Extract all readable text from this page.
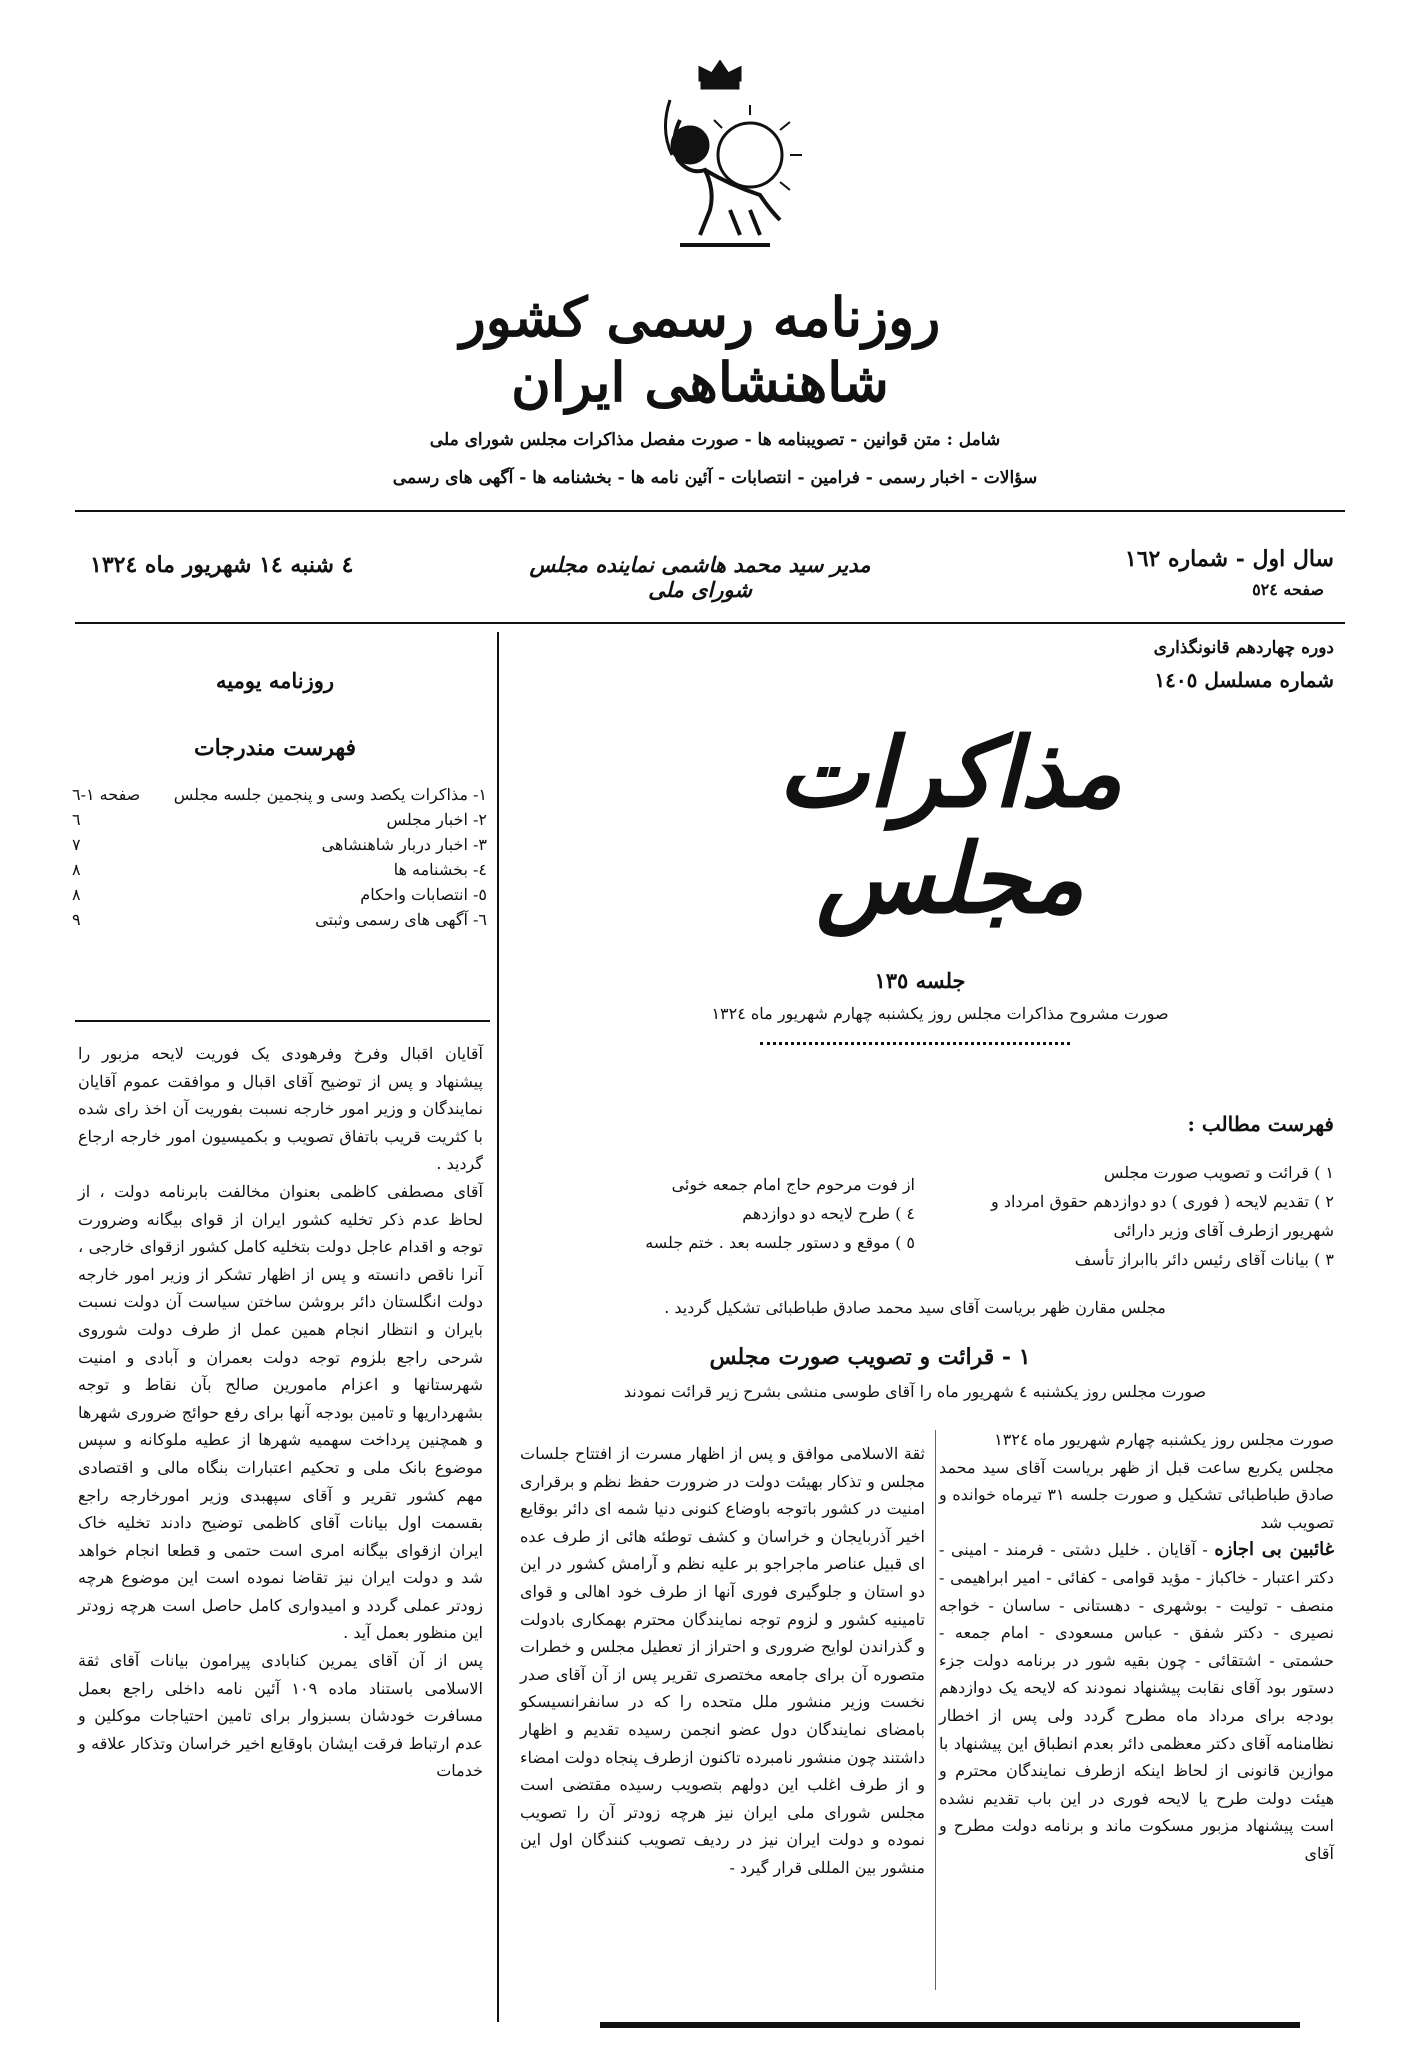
روزنامه رسمی کشور شاهنشاهی ایران
شامل : متن قوانین - تصویبنامه ها - صورت مفصل مذاکرات مجلس شورای ملی
سؤالات - اخبار رسمی - فرامین - انتصابات - آئین نامه ها - بخشنامه ها - آگهی های رسمی
٤ شنبه ١٤ شهریور ماه ١٣٢٤	مدیر سید محمد هاشمی نماینده مجلس شورای ملی
سال اول - شماره ١٦٢
صفحه ٥٢٤
دوره چهاردهم قانونگذاری
شماره مسلسل ١٤٠٥
مذاکرات مجلس
جلسه ١٣٥
صورت مشروح مذاکرات مجلس روز یکشنبه چهارم شهریور ماه ١٣٢٤
فهرست مطالب :
١ ) قرائت و تصویب صورت مجلس
٢ ) تقدیم لایحه ( فوری ) دو دوازدهم حقوق امرداد و شهریور ازطرف آقای وزیر دارائی
٣ ) بیانات آقای رئیس دائر باابراز تأسف
از فوت مرحوم حاج امام جمعه خوئی
٤ ) طرح لایحه دو دوازدهم
٥ ) موقع و دستور جلسه بعد . ختم جلسه
مجلس مقارن ظهر بریاست آقای سید محمد صادق طباطبائی تشکیل گردید .
١ - قرائت و تصویب صورت مجلس
صورت مجلس روز یکشنبه ٤ شهریور ماه را آقای طوسی منشی بشرح زیر قرائت نمودند

صورت مجلس روز یکشنبه چهارم شهریور ماه ١٣٢٤

مجلس یکربع ساعت قبل از ظهر بریاست آقای سید محمد صادق طباطبائی تشکیل و صورت جلسه ٣١ تیرماه خوانده و تصویب شد

غائبین بی اجازه - آقایان . خلیل دشتی - فرمند - امینی - دکتر اعتبار - خاکباز - مؤید قوامی - کفائی - امیر ابراهیمی - منصف - تولیت - بوشهری - دهستانی - ساسان - خواجه نصیری - دکتر شفق - عباس مسعودی - امام جمعه - حشمتی - اشتقائی - چون بقیه شور در برنامه دولت جزء دستور بود آقای نقابت پیشنهاد نمودند که لایحه یک دوازدهم بودجه برای مرداد ماه مطرح گردد ولی پس از اخطار نظامنامه آقای دکتر معظمی دائر بعدم انطباق این پیشنهاد با موازین قانونی از لحاظ اینکه ازطرف نمایندگان محترم و هیئت دولت طرح یا لایحه فوری در این باب تقدیم نشده است پیشنهاد مزبور مسکوت ماند و برنامه دولت مطرح و آقای

ثقة الاسلامی موافق و پس از اظهار مسرت از افتتاح جلسات مجلس و تذکار بهیئت دولت در ضرورت حفظ نظم و برقراری امنیت در کشور باتوجه باوضاع کنونی دنیا شمه ای دائر بوقایع اخیر آذربایجان و خراسان و کشف توطئه هائی از طرف عده ای قبیل عناصر ماجراجو بر علیه نظم و آرامش کشور در این دو استان و جلوگیری فوری آنها از طرف خود اهالی و قوای تامینیه کشور و لزوم توجه نمایندگان محترم بهمکاری بادولت و گذراندن لوایح ضروری و احتراز از تعطیل مجلس و خطرات متصوره آن برای جامعه مختصری تقریر پس از آن آقای صدر نخست وزیر منشور ملل متحده را که در سانفرانسیسکو بامضای نمایندگان دول عضو انجمن رسیده تقدیم و اظهار داشتند چون منشور نامبرده تاکنون ازطرف پنجاه دولت امضاء و از طرف اغلب این دولهم بتصویب رسیده مقتضی است مجلس شورای ملی ایران نیز هرچه زودتر آن را تصویب نموده و دولت ایران نیز در ردیف تصویب کنندگان اول این منشور بین المللی قرار گیرد -

روزنامه یومیه
فهرست مندرجات
١- مذاکرات یکصد وسی و پنجمین جلسه مجلس
صفحه ١-٦
٢- اخبار مجلس
٦
٣- اخبار دربار شاهنشاهی
٧
٤- بخشنامه ها
٨
٥- انتصابات واحکام
٨
٦- آگهی های رسمی وثبتی
٩

آقایان اقبال وفرخ وفرهودی یک فوریت لایحه مزبور را پیشنهاد و پس از توضیح آقای اقبال و موافقت عموم آقایان نمایندگان و وزیر امور خارجه نسبت بفوریت آن اخذ رای شده با کثریت قریب باتفاق تصویب و بکمیسیون امور خارجه ارجاع گردید .

آقای مصطفی کاظمی بعنوان مخالفت بابرنامه دولت ، از لحاظ عدم ذکر تخلیه کشور ایران از قوای بیگانه وضرورت توجه و اقدام عاجل دولت بتخلیه کامل کشور ازقوای خارجی ، آنرا ناقص دانسته و پس از اظهار تشکر از وزیر امور خارجه دولت انگلستان دائر بروشن ساختن سیاست آن دولت نسبت بایران و انتظار انجام همین عمل از طرف دولت شوروی شرحی راجع بلزوم توجه دولت بعمران و آبادی و امنیت شهرستانها و اعزام مامورین صالح بآن نقاط و توجه بشهرداریها و تامین بودجه آنها برای رفع حوائج ضروری شهرها و همچنین پرداخت سهمیه شهرها از عطیه ملوکانه و سپس موضوع بانک ملی و تحکیم اعتبارات بنگاه مالی و اقتصادی مهم کشور تقریر و آقای سپهبدی وزیر امورخارجه راجع بقسمت اول بیانات آقای کاظمی توضیح دادند تخلیه خاک ایران ازقوای بیگانه امری است حتمی و قطعا انجام خواهد شد و دولت ایران نیز تقاضا نموده است این موضوع هرچه زودتر عملی گردد و امیدواری کامل حاصل است هرچه زودتر این منظور بعمل آید .

پس از آن آقای یمرین کنابادی پیرامون بیانات آقای ثقة الاسلامی باستناد ماده ١٠٩ آئین نامه داخلی راجع بعمل مسافرت خودشان بسبزوار برای تامین احتیاجات موکلین و عدم ارتباط فرقت ایشان باوقایع اخیر خراسان وتذکار علاقه و خدمات
